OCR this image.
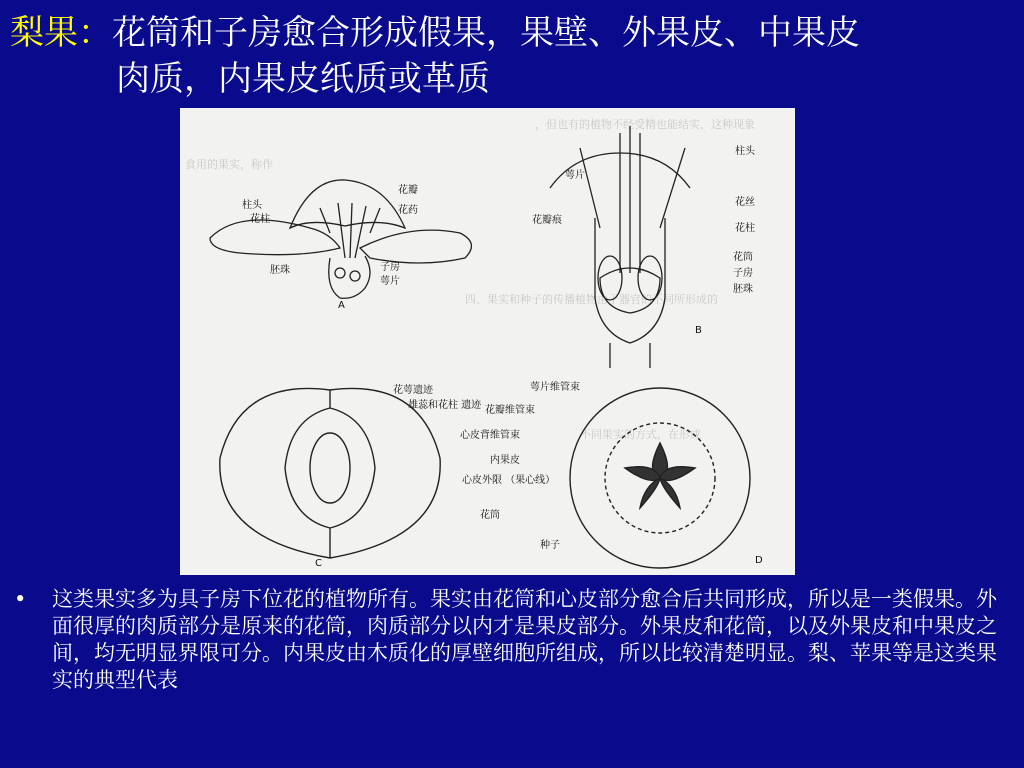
梨果：花筒和子房愈合形成假果，果壁、外果皮、中果皮
肉质，内果皮纸质或革质
，但也有的植物不经受精也能结实，这种现象
食用的果实，称作
不同果实的方式，在形成
植物由于器官的不同所形成的
四、果实和种子的传播
花瓣
柱头	花药
花柱
胚珠	子房
萼片
A
柱头
萼片
花丝
花瓣痕
花柱
花筒
子房
胚珠
B
花萼遗迹
雄蕊和花柱 遗迹
C
萼片维管束
花瓣维管束
心皮背维管束
内果皮
心皮外限 （果心线）
花筒
种子
D
•	这类果实多为具子房下位花的植物所有。果实由花筒和心皮部分愈合后共同形成，所以是一类假果。外面很厚的肉质部分是原来的花筒，肉质部分以内才是果皮部分。外果皮和花筒，以及外果皮和中果皮之间，均无明显界限可分。内果皮由木质化的厚壁细胞所组成，所以比较清楚明显。梨、苹果等是这类果实的典型代表
